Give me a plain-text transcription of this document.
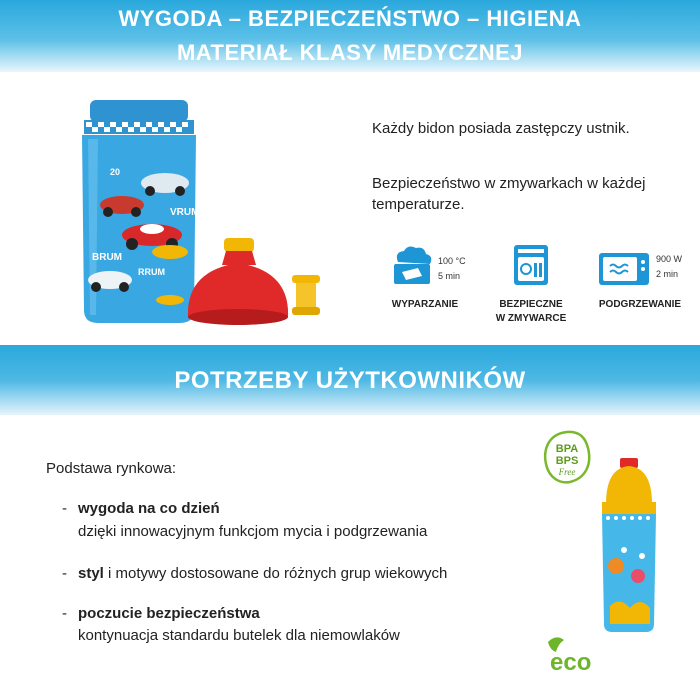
WYGODA – BEZPIECZEŃSTWO – HIGIENA
MATERIAŁ KLASY MEDYCZNEJ
20
VRUM!
BRUM
RRUM
Każdy bidon posiada zastępczy ustnik.
Bezpieczeństwo w zmywarkach w każdej
temperaturze.
100 °C
5 min
WYPARZANIE	BEZPIECZNE
W ZMYWARCE
900 W
2 min
PODGRZEWANIE
POTRZEBY UŻYTKOWNIKÓW
Podstawa rynkowa:
- wygoda na co dzień
dzięki innowacyjnym funkcjom mycia i podgrzewania
- styl i motywy dostosowane do różnych grup wiekowych
- poczucie bezpieczeństwa
kontynuacja standardu butelek dla niemowlaków
BPA
BPS
Free
eco
